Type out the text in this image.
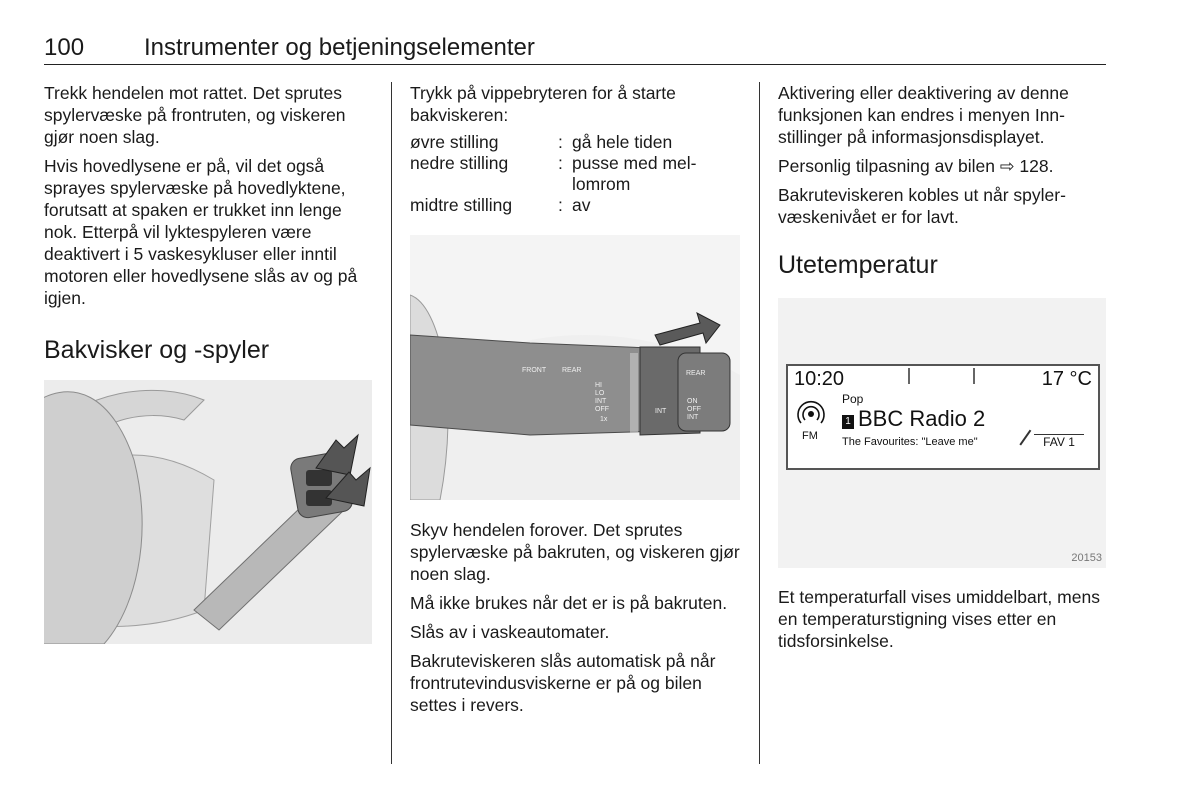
100 Instrumenter og betjeningselementer

Trekk hendelen mot rattet. Det sprutes spylervæske på frontruten, og viskeren gjør noen slag.

Hvis hovedlysene er på, vil det også sprayes spylervæske på hovedlyktene, forutsatt at spaken er trukket inn lenge nok. Etterpå vil lyktespyleren være deaktivert i 5 vaskesykluser eller inntil motoren eller hovedlysene slås av og på igjen.

Bakvisker og -spyler

Trykk på vippebryteren for å starte bakviskeren:

øvre stilling	: gå hele tiden
nedre stilling	: pusse med mellomrom
midtre stilling	: av
FRONT REAR
HI
LO
INT
OFF
1x
INT
REAR
ON
OFF
INT

Skyv hendelen forover. Det sprutes spylervæske på bakruten, og viskeren gjør noen slag.

Må ikke brukes når det er is på bakruten.

Slås av i vaskeautomater.

Bakruteviskeren slås automatisk på når frontrutevindusviskerne er på og bilen settes i revers.

Aktivering eller deaktivering av denne funksjonen kan endres i menyen Innstillinger på informasjonsdisplayet.

Personlig tilpasning av bilen ⇨ 128.

Bakruteviskeren kobles ut når spylervæskenivået er for lavt.

Utetemperatur
10:20	17 °C
Pop
FM
1 BBC Radio 2
The Favourites: "Leave me"	FAV 1
20153

Et temperaturfall vises umiddelbart, mens en temperaturstigning vises etter en tidsforsinkelse.
